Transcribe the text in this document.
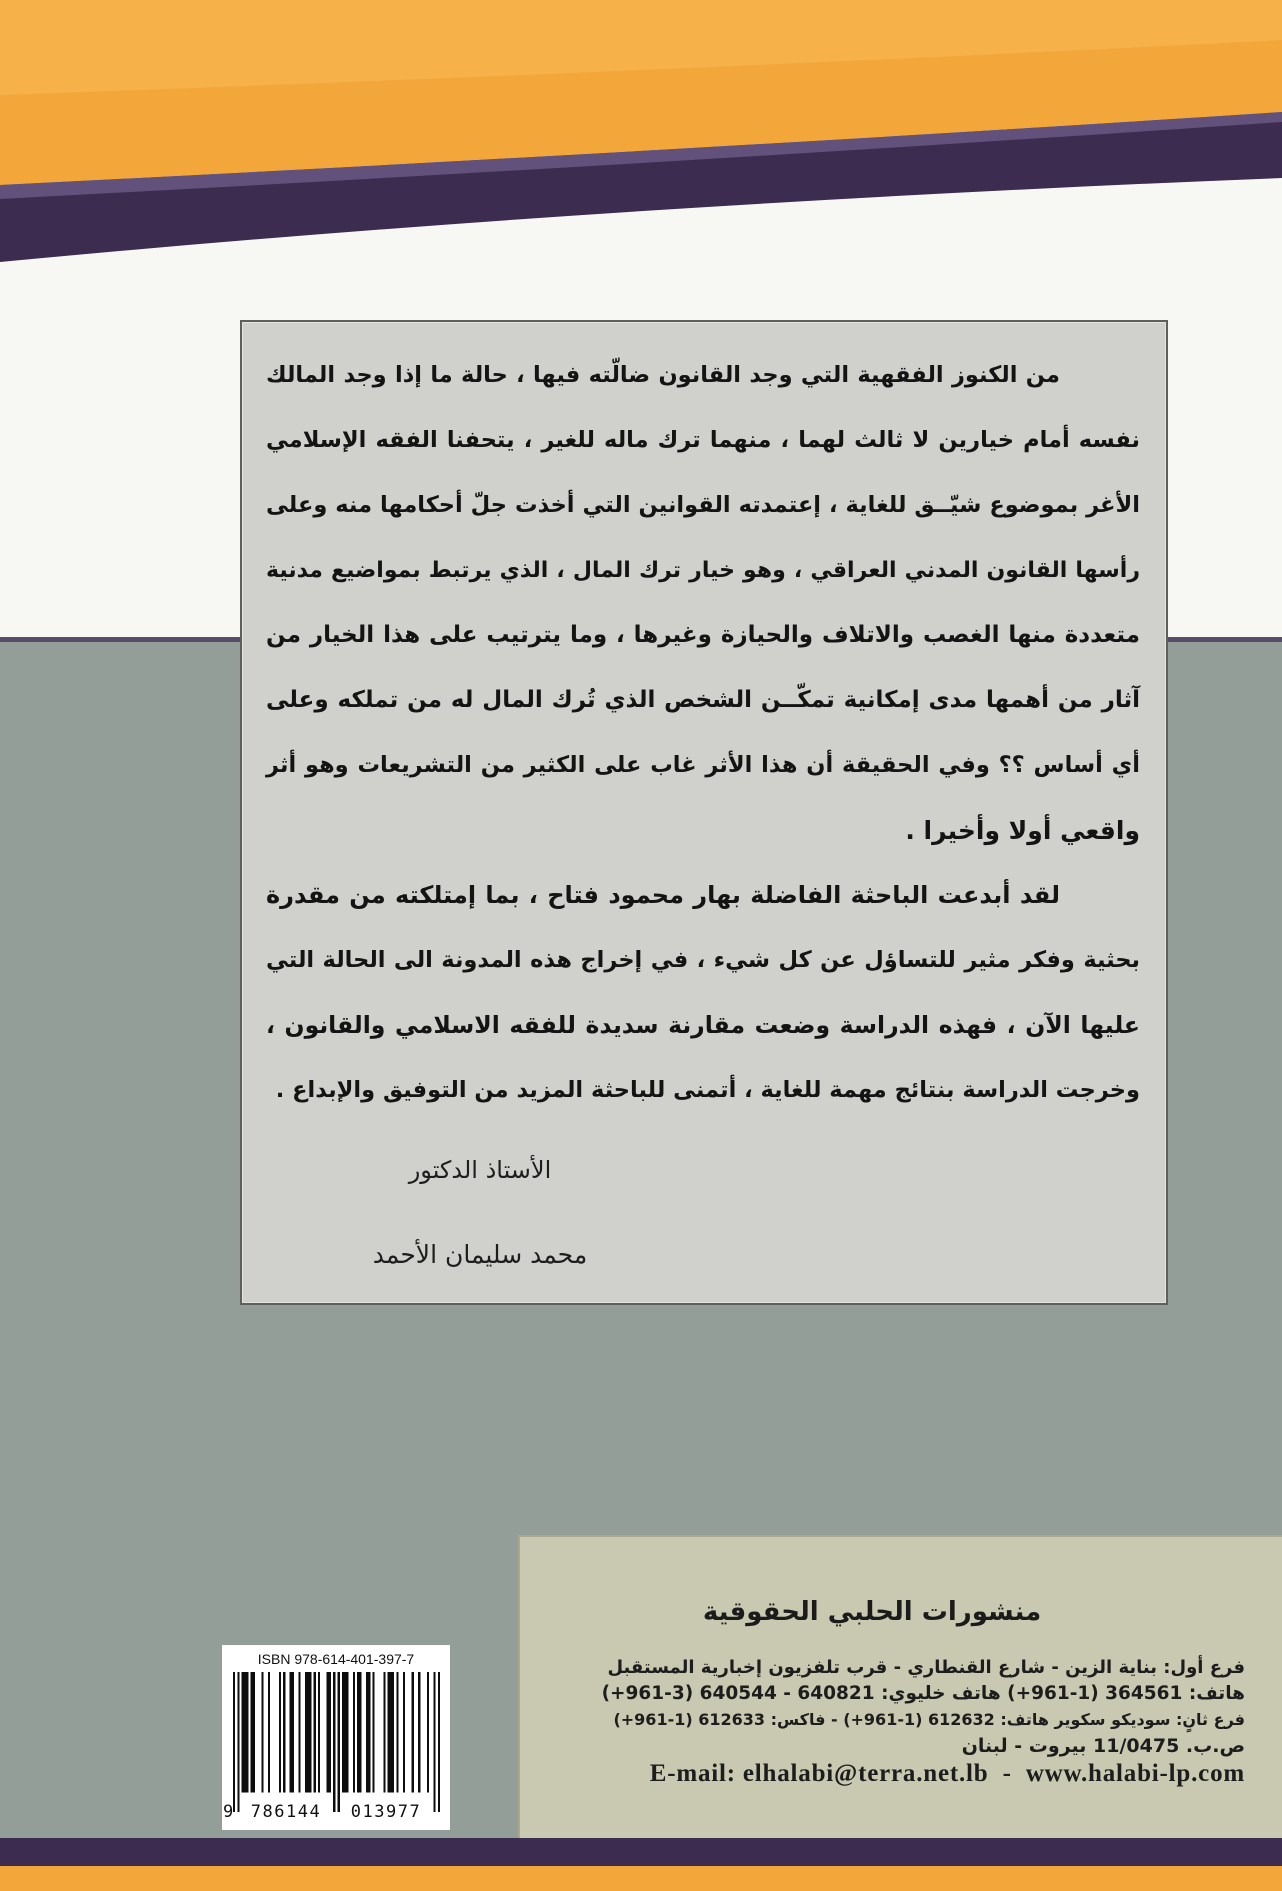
من الكنوز الفقهية التي وجد القانون ضالّته فيها ، حالة ما إذا وجد المالك
نفسه أمام خيارين لا ثالث لهما ، منهما ترك ماله للغير ، يتحفنا الفقه الإسلامي
الأغر بموضوع شيّــق للغاية ، إعتمدته القوانين التي أخذت جلّ أحكامها منه وعلى
رأسها القانون المدني العراقي ، وهو خيار ترك المال ، الذي يرتبط بمواضيع مدنية
متعددة منها الغصب والاتلاف والحيازة وغيرها ، وما يترتيب على هذا الخيار من
آثار من أهمها مدى إمكانية تمكّــن الشخص الذي تُرك المال له من تملكه وعلى
أي أساس ؟؟ وفي الحقيقة أن هذا الأثر غاب على الكثير من التشريعات وهو أثر
واقعي أولا وأخيرا .
لقد أبدعت الباحثة الفاضلة بهار محمود فتاح ، بما إمتلكته من مقدرة
بحثية وفكر مثير للتساؤل عن كل شيء ، في إخراج هذه المدونة الى الحالة التي
عليها الآن ، فهذه الدراسة وضعت مقارنة سديدة للفقه الاسلامي والقانون ،
وخرجت الدراسة بنتائج مهمة للغاية ، أتمنى للباحثة المزيد من التوفيق والإبداع .
الأستاذ الدكتور
محمد سليمان الأحمد
ISBN 978-614-401-397-7
9	786144	013977
منشورات الحلبي الحقوقية
فرع أول: بناية الزين - شارع القنطاري - قرب تلفزيون إخبارية المستقبل
هاتف: 364561 (1-961+) هاتف خليوي: 640821 - 640544 (3-961+)
فرع ثانٍ: سوديكو سكوير هاتف: 612632 (1-961+) - فاكس: 612633 (1-961+)
ص.ب. 11/0475 بيروت - لبنان
E-mail: elhalabi@terra.net.lb  -  www.halabi-lp.com
